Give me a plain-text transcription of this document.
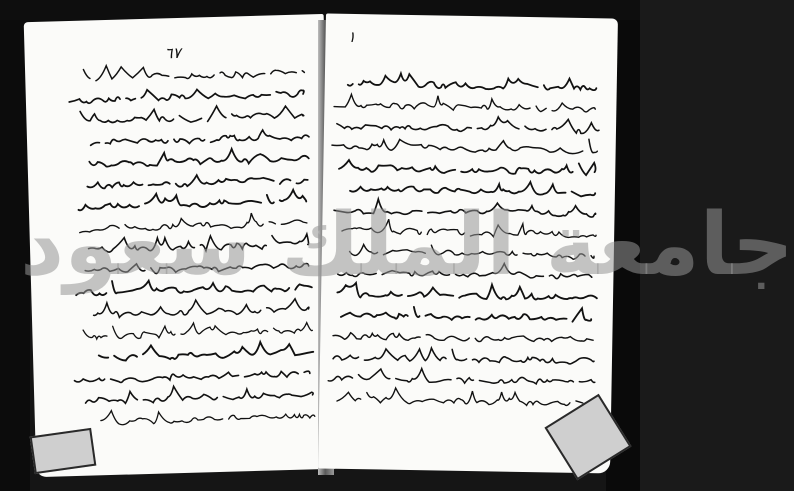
٦٧
١
جامعة الملك سعود
